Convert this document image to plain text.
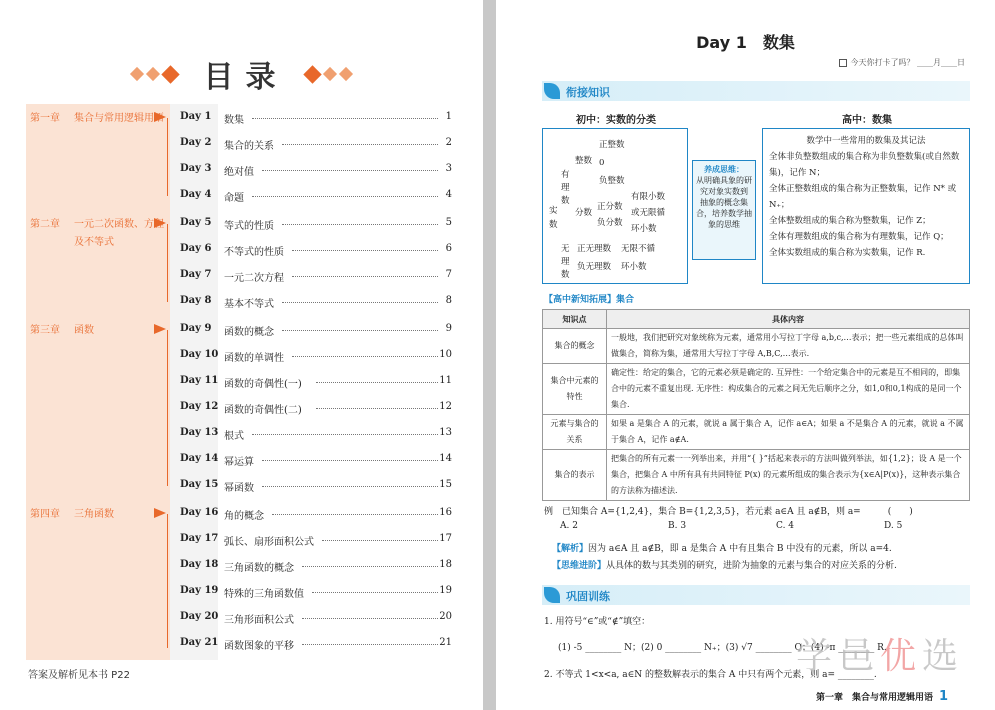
目录
第一章 集合与常用逻辑用语
第二章 一元二次函数、方程及不等式
第三章 函数
第四章 三角函数
Day 1 数集	1
Day 2 集合的关系	2
Day 3 绝对值	3
Day 4 命题	4
Day 5 等式的性质	5
Day 6 不等式的性质	6
Day 7 一元二次方程	7
Day 8 基本不等式	8
Day 9 函数的概念	9
Day 10 函数的单调性	10
Day 11 函数的奇偶性(一)	11
Day 12 函数的奇偶性(二)	12
Day 13 根式	13
Day 14 幂运算	14
Day 15 幂函数	15
Day 16 角的概念	16
Day 17 弧长、扇形面积公式	17
Day 18 三角函数的概念	18
Day 19 特殊的三角函数值	19
Day 20 三角形面积公式	20
Day 21 函数图象的平移	21
答案及解析见本书 P22
Day 1　数集
今天你打卡了吗？ ____月____日
衔接知识
初中：实数的分类	高中：数集
实
数
有理数
无理数
整数
分数
正整数
0
负整数
正分数
负分数
有限小数
或无限循
环小数
正无理数
负无理数
无限不循
环小数
养成思维：
从明确具象的研究对象实数到
抽象的概念集合，培养数学抽象的思维
数学中一些常用的数集及其记法
全体非负整数组成的集合称为非负整数集(或自然数集)，记作 N；
全体正整数组成的集合称为正整数集，记作 N* 或 N₊；
全体整数组成的集合称为整数集，记作 Z；
全体有理数组成的集合称为有理数集，记作 Q；
全体实数组成的集合称为实数集，记作 R.
【高中新知拓展】集合
知识点	具体内容
集合的概念	一般地，我们把研究对象统称为元素，通常用小写拉丁字母 a,b,c,…表示；把一些元素组成的总体叫做集合，简称为集，通常用大写拉丁字母 A,B,C,…表示.
集合中元素的特性	确定性：给定的集合，它的元素必须是确定的. 互异性：一个给定集合中的元素是互不相同的，即集合中的元素不重复出现. 无序性：构成集合的元素之间无先后顺序之分，如1,0和0,1构成的是同一个集合.
元素与集合的关系	如果 a 是集合 A 的元素，就说 a 属于集合 A，记作 a∈A；如果 a 不是集合 A 的元素，就说 a 不属于集合 A，记作 a∉A.
集合的表示	把集合的所有元素一一列举出来，并用“{ }”括起来表示的方法叫做列举法，如{1,2}；设 A 是一个集合，把集合 A 中所有具有共同特征 P(x) 的元素所组成的集合表示为{x∈A|P(x)}，这种表示集合的方法称为描述法.
例　已知集合 A={1,2,4}，集合 B={1,2,3,5}，若元素 a∈A 且 a∉B，则 a=　　　(　　)
A. 2	B. 3	C. 4	D. 5
【解析】因为 a∈A 且 a∉B，即 a 是集合 A 中有且集合 B 中没有的元素，所以 a=4.
【思维进阶】从具体的数与其类别的研究，进阶为抽象的元素与集合的对应关系的分析.
巩固训练
1. 用符号“∈”或“∉”填空：
(1) -5 ________ N；(2) 0 ________ N₊；(3) √7 ________ Q；(4) -π ________ R.
2. 不等式 1<x<a, a∈N 的整数解表示的集合 A 中只有两个元素，则 a= ________.
学邑优选
第一章　集合与常用逻辑用语 1
